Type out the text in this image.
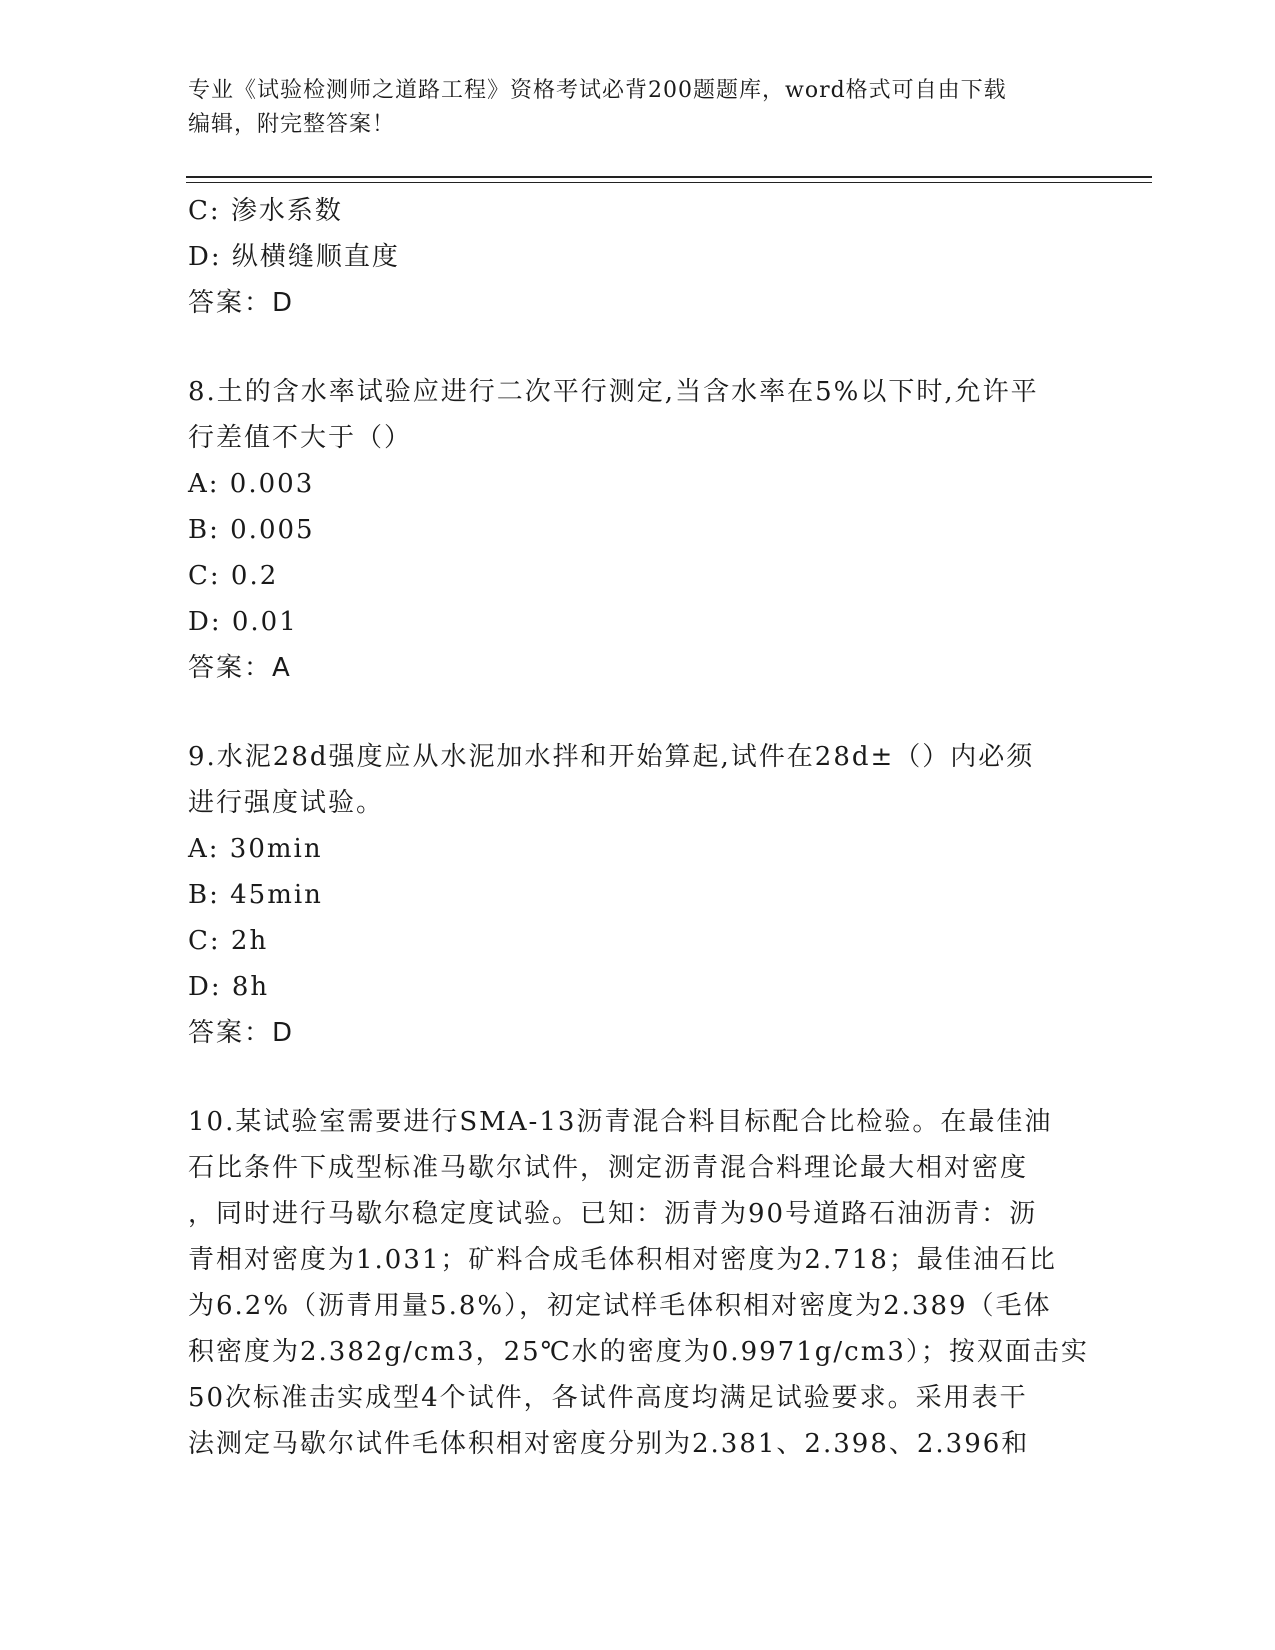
专业《试验检测师之道路工程》资格考试必背200题题库，word格式可自由下载
编辑，附完整答案！
C: 渗水系数
D: 纵横缝顺直度
答案：D
8.土的含水率试验应进行二次平行测定,当含水率在5%以下时,允许平
行差值不大于（）
A: 0.003
B: 0.005
C: 0.2
D: 0.01
答案：A
9.水泥28d强度应从水泥加水拌和开始算起,试件在28d±（）内必须
进行强度试验。
A: 30min
B: 45min
C: 2h
D: 8h
答案：D
10.某试验室需要进行SMA-13沥青混合料目标配合比检验。在最佳油
石比条件下成型标准马歇尔试件，测定沥青混合料理论最大相对密度
，同时进行马歇尔稳定度试验。已知：沥青为90号道路石油沥青：沥
青相对密度为1.031；矿料合成毛体积相对密度为2.718；最佳油石比
为6.2%（沥青用量5.8%），初定试样毛体积相对密度为2.389（毛体
积密度为2.382g/cm3，25℃水的密度为0.9971g/cm3）；按双面击实
50次标准击实成型4个试件，各试件高度均满足试验要求。采用表干
法测定马歇尔试件毛体积相对密度分别为2.381、2.398、2.396和
